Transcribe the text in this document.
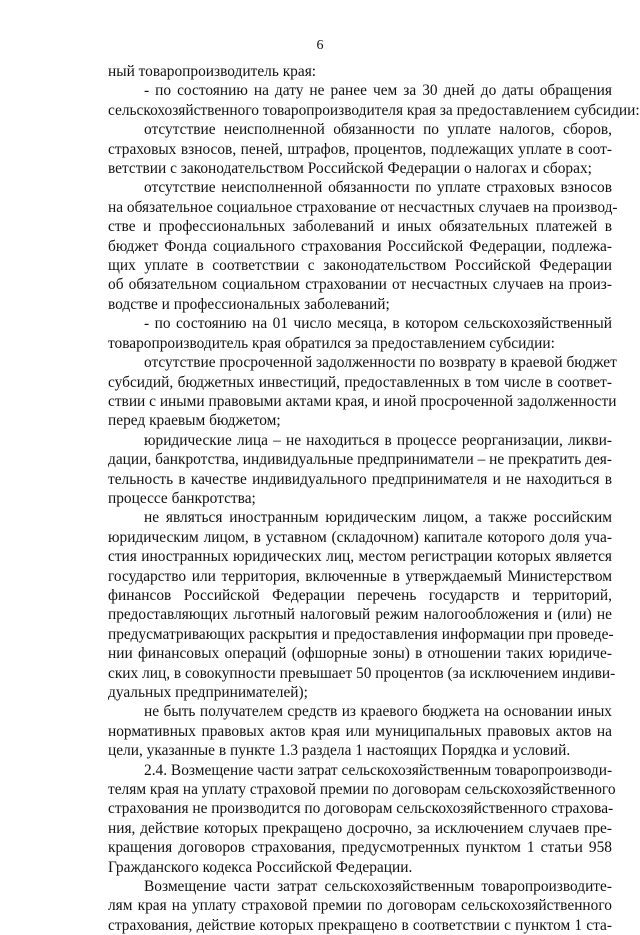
6

ный товаропроизводитель края:

- по состоянию на дату не ранее чем за 30 дней до даты обращения
сельскохозяйственного товаропроизводителя края за предоставлением субсидии:

отсутствие неисполненной обязанности по уплате налогов, сборов,
страховых взносов, пеней, штрафов, процентов, подлежащих уплате в соот-
ветствии с законодательством Российской Федерации о налогах и сборах;

отсутствие неисполненной обязанности по уплате страховых взносов
на обязательное социальное страхование от несчастных случаев на производ-
стве и профессиональных заболеваний и иных обязательных платежей в
бюджет Фонда социального страхования Российской Федерации, подлежа-
щих уплате в соответствии с законодательством Российской Федерации
об обязательном социальном страховании от несчастных случаев на произ-
водстве и профессиональных заболеваний;

- по состоянию на 01 число месяца, в котором сельскохозяйственный
товаропроизводитель края обратился за предоставлением субсидии:

отсутствие просроченной задолженности по возврату в краевой бюджет
субсидий, бюджетных инвестиций, предоставленных в том числе в соответ-
ствии с иными правовыми актами края, и иной просроченной задолженности
перед краевым бюджетом;

юридические лица – не находиться в процессе реорганизации, ликви-
дации, банкротства, индивидуальные предприниматели – не прекратить дея-
тельность в качестве индивидуального предпринимателя и не находиться в
процессе банкротства;

не являться иностранным юридическим лицом, а также российским
юридическим лицом, в уставном (складочном) капитале которого доля уча-
стия иностранных юридических лиц, местом регистрации которых является
государство или территория, включенные в утверждаемый Министерством
финансов Российской Федерации перечень государств и территорий,
предоставляющих льготный налоговый режим налогообложения и (или) не
предусматривающих раскрытия и предоставления информации при проведе-
нии финансовых операций (офшорные зоны) в отношении таких юридиче-
ских лиц, в совокупности превышает 50 процентов (за исключением индиви-
дуальных предпринимателей);

не быть получателем средств из краевого бюджета на основании иных
нормативных правовых актов края или муниципальных правовых актов на
цели, указанные в пункте 1.3 раздела 1 настоящих Порядка и условий.

2.4. Возмещение части затрат сельскохозяйственным товаропроизводи-
телям края на уплату страховой премии по договорам сельскохозяйственного
страхования не производится по договорам сельскохозяйственного страхова-
ния, действие которых прекращено досрочно, за исключением случаев пре-
кращения договоров страхования, предусмотренных пунктом 1 статьи 958
Гражданского кодекса Российской Федерации.

Возмещение части затрат сельскохозяйственным товаропроизводите-
лям края на уплату страховой премии по договорам сельскохозяйственного
страхования, действие которых прекращено в соответствии с пунктом 1 ста-
